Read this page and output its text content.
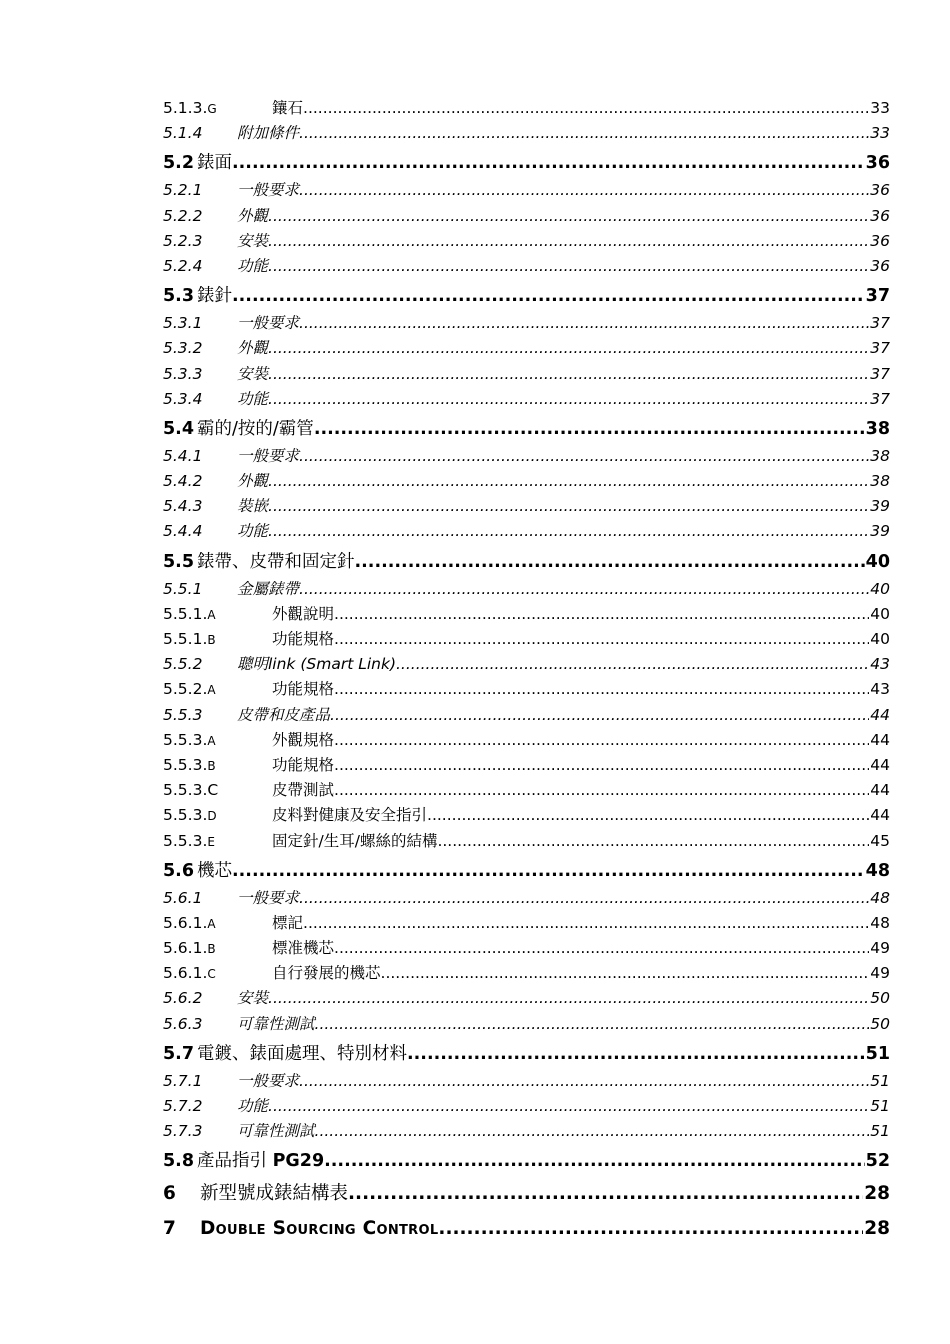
5.1.3.G	鑲石 .....	33
5.1.4	附加條件 .....	33
5.2 錶面 .....	36
5.2.1	一般要求 .....	36
5.2.2	外觀 .....	36
5.2.3	安裝 .....	36
5.2.4	功能 .....	36
5.3 錶針 .....	37
5.3.1	一般要求 .....	37
5.3.2	外觀 .....	37
5.3.3	安裝 .....	37
5.3.4	功能 .....	37
5.4 霸的/按的/霸管 .....	38
5.4.1	一般要求 .....	38
5.4.2	外觀 .....	38
5.4.3	裝嵌 .....	39
5.4.4	功能 .....	39
5.5 錶帶、皮帶和固定針 .....	40
5.5.1	金屬錶帶 .....	40
5.5.1.A	外觀說明 .....	40
5.5.1.B	功能規格 .....	40
5.5.2	聰明link (Smart Link) .....	43
5.5.2.A	功能規格 .....	43
5.5.3	皮帶和皮產品 .....	44
5.5.3.A	外觀規格 .....	44
5.5.3.B	功能規格 .....	44
5.5.3.C	皮帶測試 .....	44
5.5.3.D	皮料對健康及安全指引 .....	44
5.5.3.E	固定針/生耳/螺絲的結構 .....	45
5.6 機芯 .....	48
5.6.1	一般要求 .....	48
5.6.1.A	標記 .....	48
5.6.1.B	標准機芯 .....	49
5.6.1.C	自行發展的機芯 .....	49
5.6.2	安裝 .....	50
5.6.3	可靠性測試 .....	50
5.7 電鍍、錶面處理、特別材料 .....	51
5.7.1	一般要求 .....	51
5.7.2	功能 .....	51
5.7.3	可靠性測試 .....	51
5.8 產品指引 PG29 .....	52
6	新型號成錶結構表 .....	28
7	Double Sourcing Control .....	28
